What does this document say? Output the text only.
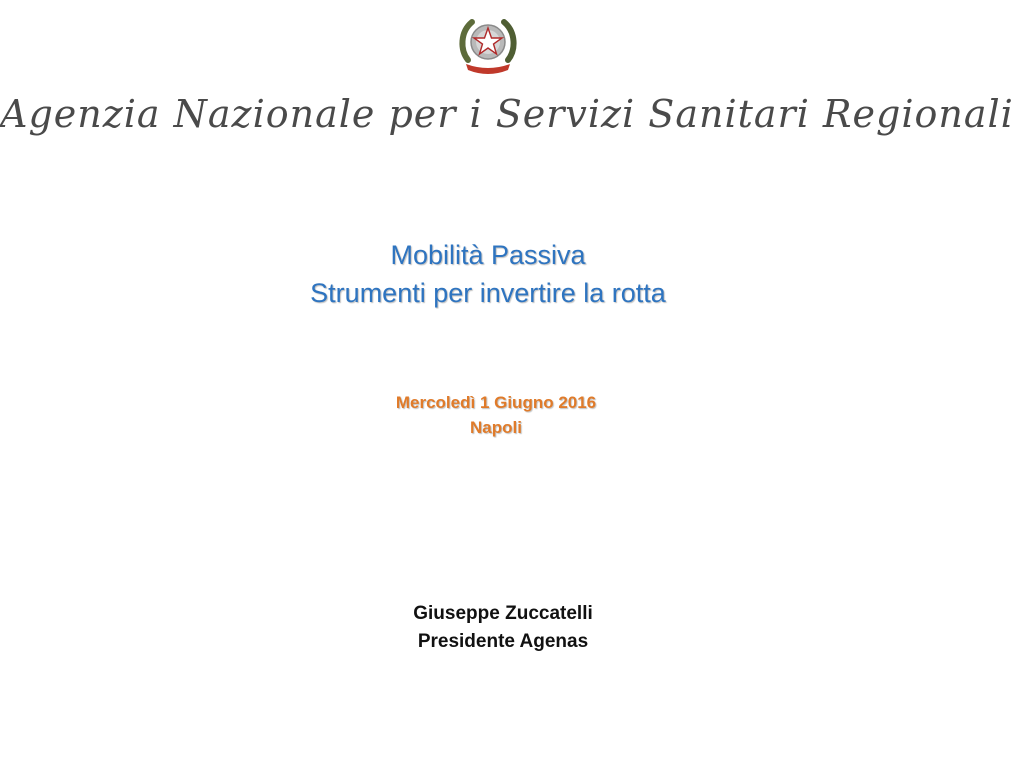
Agenzia Nazionale per i Servizi Sanitari Regionali
Mobilità Passiva
Strumenti per invertire la rotta
Mercoledì 1 Giugno 2016
Napoli
Giuseppe Zuccatelli
Presidente Agenas
